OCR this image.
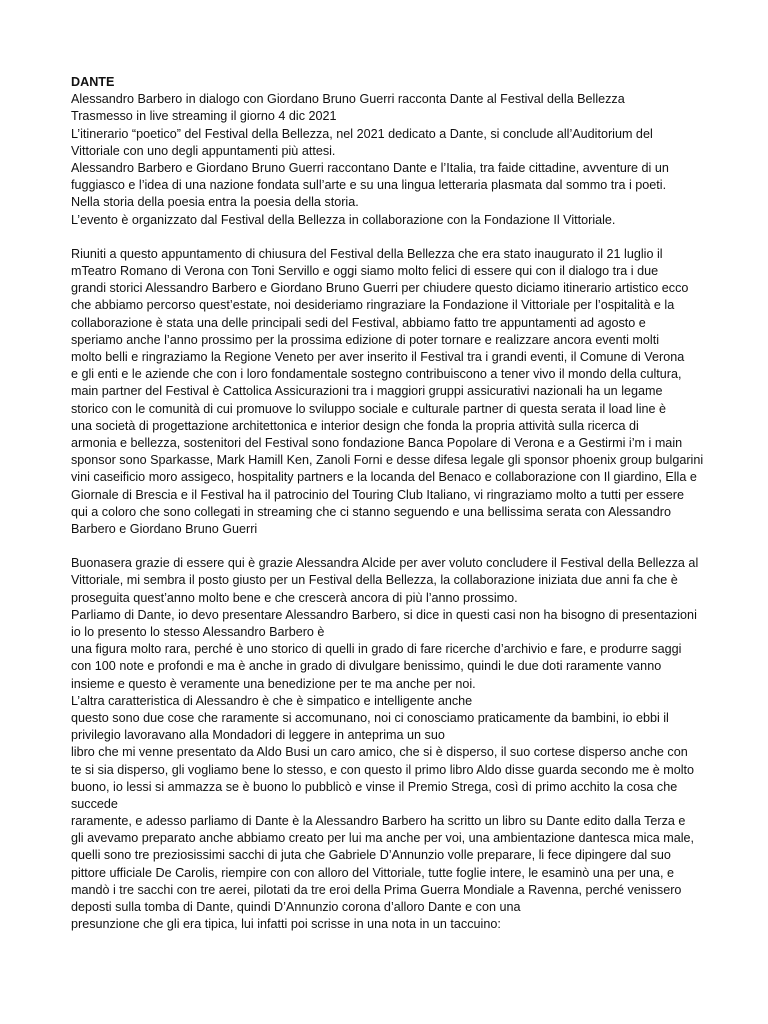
DANTE
Alessandro Barbero in dialogo con Giordano Bruno Guerri racconta Dante al Festival della Bellezza
Trasmesso in live streaming il giorno 4 dic 2021
L’itinerario “poetico” del Festival della Bellezza, nel 2021 dedicato a Dante, si conclude all’Auditorium del
Vittoriale con uno degli appuntamenti più attesi.
Alessandro Barbero e Giordano Bruno Guerri raccontano Dante e l’Italia, tra faide cittadine, avventure di un
fuggiasco e l’idea di una nazione fondata sull’arte e su una lingua letteraria plasmata dal sommo tra i poeti.
Nella storia della poesia entra la poesia della storia.
L’evento è organizzato dal Festival della Bellezza in collaborazione con la Fondazione Il Vittoriale.
Riuniti a questo appuntamento di chiusura del Festival della Bellezza che era stato inaugurato il 21 luglio il
mTeatro Romano di Verona con Toni Servillo e oggi siamo molto felici di essere qui con il dialogo tra i due
grandi storici Alessandro Barbero e Giordano Bruno Guerri per chiudere questo diciamo itinerario artistico ecco
che abbiamo percorso quest’estate, noi desideriamo ringraziare la Fondazione il Vittoriale per l’ospitalità e la
collaborazione è stata una delle principali sedi del Festival, abbiamo fatto tre appuntamenti ad agosto e
speriamo anche l’anno prossimo per la prossima edizione di poter tornare e realizzare ancora eventi molti
molto belli e ringraziamo la Regione Veneto per aver inserito il Festival tra i grandi eventi, il Comune di Verona
e gli enti e le aziende che con i loro fondamentale sostegno contribuiscono a tener vivo il mondo della cultura,
main partner del Festival è Cattolica Assicurazioni tra i maggiori gruppi assicurativi nazionali ha un legame
storico con le comunità di cui promuove lo sviluppo sociale e culturale partner di questa serata il load line è
una società di progettazione architettonica e interior design che fonda la propria attività sulla ricerca di
armonia e bellezza, sostenitori del Festival sono fondazione Banca Popolare di Verona e a Gestirmi i’m i main
sponsor sono Sparkasse, Mark Hamill Ken, Zanoli Forni e desse difesa legale gli sponsor phoenix group bulgarini
vini caseificio moro assigeco, hospitality partners e la locanda del Benaco e collaborazione con Il giardino, Ella e
Giornale di Brescia e il Festival ha il patrocinio del Touring Club Italiano, vi ringraziamo molto a tutti per essere
qui a coloro che sono collegati in streaming che ci stanno seguendo e una bellissima serata con Alessandro
Barbero e Giordano Bruno Guerri
Buonasera grazie di essere qui è grazie Alessandra Alcide per aver voluto concludere il Festival della Bellezza al
Vittoriale, mi sembra il posto giusto per un Festival della Bellezza, la collaborazione iniziata due anni fa che è
proseguita quest’anno molto bene e che crescerà ancora di più l’anno prossimo.
Parliamo di Dante, io devo presentare Alessandro Barbero, si dice in questi casi non ha bisogno di presentazioni
io lo presento lo stesso Alessandro Barbero è
una figura molto rara, perché è uno storico di quelli in grado di fare ricerche d’archivio e fare, e produrre saggi
con 100 note e profondi e ma è anche in grado di divulgare benissimo, quindi le due doti raramente vanno
insieme e questo è veramente una benedizione per te ma anche per noi.
L’altra caratteristica di Alessandro è che è simpatico e intelligente anche
questo sono due cose che raramente si accomunano, noi ci conosciamo praticamente da bambini, io ebbi il
privilegio lavoravano alla Mondadori di leggere in anteprima un suo
libro che mi venne presentato da Aldo Busi un caro amico, che si è disperso, il suo cortese disperso anche con
te si sia disperso, gli vogliamo bene lo stesso, e con questo il primo libro Aldo disse guarda secondo me è molto
buono, io lessi si ammazza se è buono lo pubblicò e vinse il Premio Strega, così di primo acchito la cosa che
succede
raramente, e adesso parliamo di Dante è la Alessandro Barbero ha scritto un libro su Dante edito dalla Terza e
gli avevamo preparato anche abbiamo creato per lui ma anche per voi, una ambientazione dantesca mica male,
quelli sono tre preziosissimi sacchi di juta che Gabriele D’Annunzio volle preparare, li fece dipingere dal suo
pittore ufficiale De Carolis, riempire con con alloro del Vittoriale, tutte foglie intere, le esaminò una per una, e
mandò i tre sacchi con tre aerei, pilotati da tre eroi della Prima Guerra Mondiale a Ravenna, perché venissero
deposti sulla tomba di Dante, quindi D’Annunzio corona d’alloro Dante e con una
presunzione che gli era tipica, lui infatti poi scrisse in una nota in un taccuino:
